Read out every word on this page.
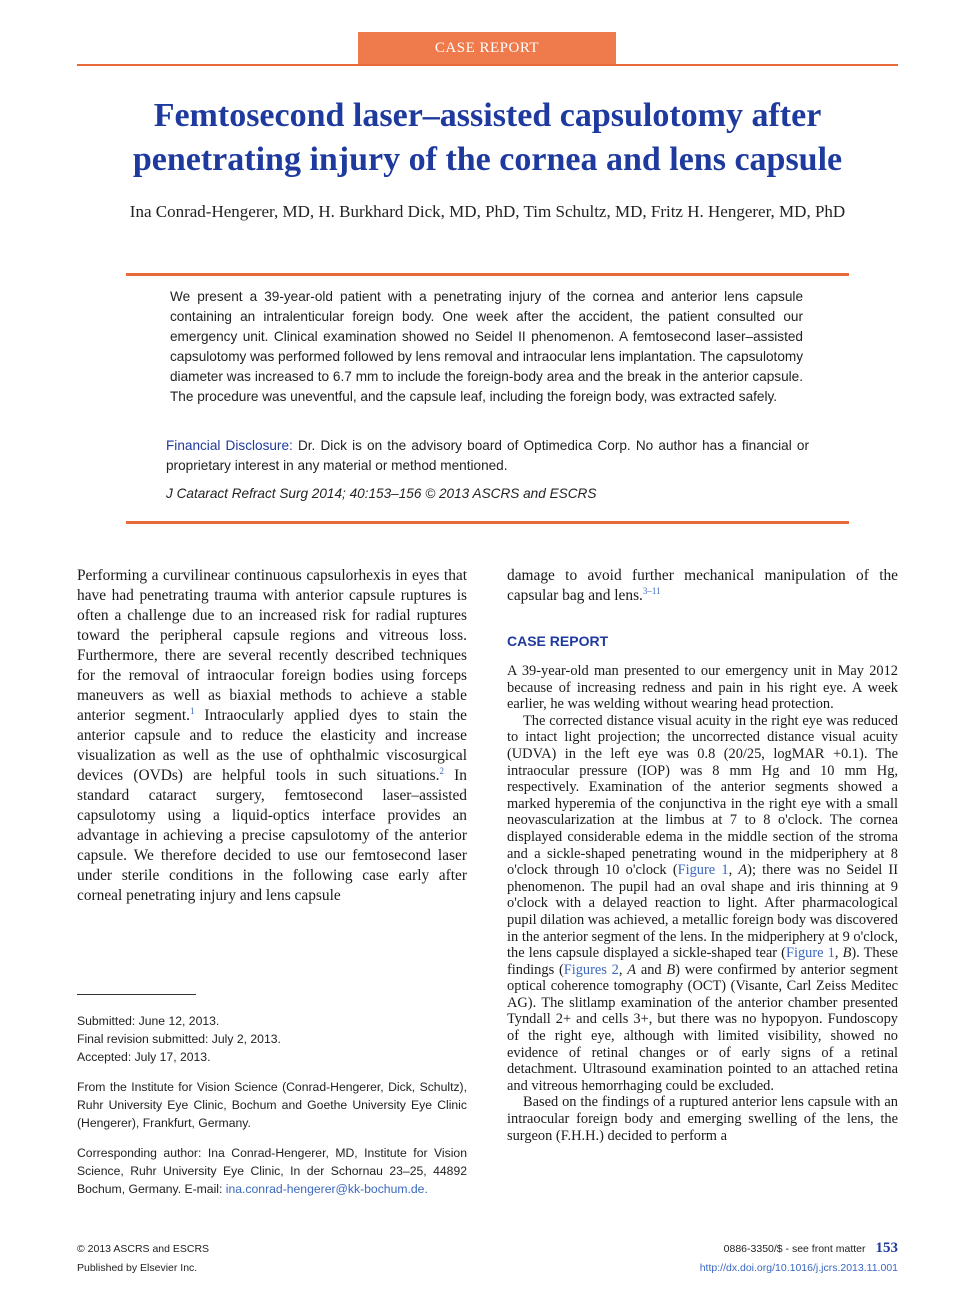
CASE REPORT
Femtosecond laser–assisted capsulotomy after
penetrating injury of the cornea and lens capsule
Ina Conrad-Hengerer, MD, H. Burkhard Dick, MD, PhD, Tim Schultz, MD, Fritz H. Hengerer, MD, PhD

We present a 39-year-old patient with a penetrating injury of the cornea and anterior lens capsule containing an intralenticular foreign body. One week after the accident, the patient consulted our emergency unit. Clinical examination showed no Seidel II phenomenon. A femtosecond laser–assisted capsulotomy was performed followed by lens removal and intraocular lens implantation. The capsulotomy diameter was increased to 6.7 mm to include the foreign-body area and the break in the anterior capsule. The procedure was uneventful, and the capsule leaf, including the foreign body, was extracted safely.

Financial Disclosure: Dr. Dick is on the advisory board of Optimedica Corp. No author has a financial or proprietary interest in any material or method mentioned.
J Cataract Refract Surg 2014; 40:153–156 © 2013 ASCRS and ESCRS

Performing a curvilinear continuous capsulorhexis in eyes that have had penetrating trauma with anterior capsule ruptures is often a challenge due to an increased risk for radial ruptures toward the peripheral capsule regions and vitreous loss. Furthermore, there are several recently described techniques for the removal of intraocular foreign bodies using forceps maneuvers as well as biaxial methods to achieve a stable anterior segment.$^1$ Intraocularly applied dyes to stain the anterior capsule and to reduce the elasticity and increase visualization as well as the use of ophthalmic viscosurgical devices (OVDs) are helpful tools in such situations.$^2$ In standard cataract surgery, femtosecond laser–assisted capsulotomy using a liquid-optics interface provides an advantage in achieving a precise capsulotomy of the anterior capsule. We therefore decided to use our femtosecond laser under sterile conditions in the following case early after corneal penetrating injury and lens capsule

Submitted: June 12, 2013.

Final revision submitted: July 2, 2013.

Accepted: July 17, 2013.

From the Institute for Vision Science (Conrad-Hengerer, Dick, Schultz), Ruhr University Eye Clinic, Bochum and Goethe University Eye Clinic (Hengerer), Frankfurt, Germany.

Corresponding author: Ina Conrad-Hengerer, MD, Institute for Vision Science, Ruhr University Eye Clinic, In der Schornau 23–25, 44892 Bochum, Germany. E-mail: ina.conrad-hengerer@kk-bochum.de.

damage to avoid further mechanical manipulation of the capsular bag and lens.$^{3-11}$

CASE REPORT

A 39-year-old man presented to our emergency unit in May 2012 because of increasing redness and pain in his right eye. A week earlier, he was welding without wearing head protection.

The corrected distance visual acuity in the right eye was reduced to intact light projection; the uncorrected distance visual acuity (UDVA) in the left eye was 0.8 (20/25, logMAR +0.1). The intraocular pressure (IOP) was 8 mm Hg and 10 mm Hg, respectively. Examination of the anterior segments showed a marked hyperemia of the conjunctiva in the right eye with a small neovascularization at the limbus at 7 to 8 o'clock. The cornea displayed considerable edema in the middle section of the stroma and a sickle-shaped penetrating wound in the midperiphery at 8 o'clock through 10 o'clock (Figure 1, A); there was no Seidel II phenomenon. The pupil had an oval shape and iris thinning at 9 o'clock with a delayed reaction to light. After pharmacological pupil dilation was achieved, a metallic foreign body was discovered in the anterior segment of the lens. In the midperiphery at 9 o'clock, the lens capsule displayed a sickle-shaped tear (Figure 1, B). These findings (Figures 2, A and B) were confirmed by anterior segment optical coherence tomography (OCT) (Visante, Carl Zeiss Meditec AG). The slitlamp examination of the anterior chamber presented Tyndall 2+ and cells 3+, but there was no hypopyon. Fundoscopy of the right eye, although with limited visibility, showed no evidence of retinal changes or of early signs of a retinal detachment. Ultrasound examination pointed to an attached retina and vitreous hemorrhaging could be excluded.

Based on the findings of a ruptured anterior lens capsule with an intraocular foreign body and emerging swelling of the lens, the surgeon (F.H.H.) decided to perform a

© 2013 ASCRS and ESCRS
Published by Elsevier Inc.
0886-3350/$ - see front matter 153
http://dx.doi.org/10.1016/j.jcrs.2013.11.001
